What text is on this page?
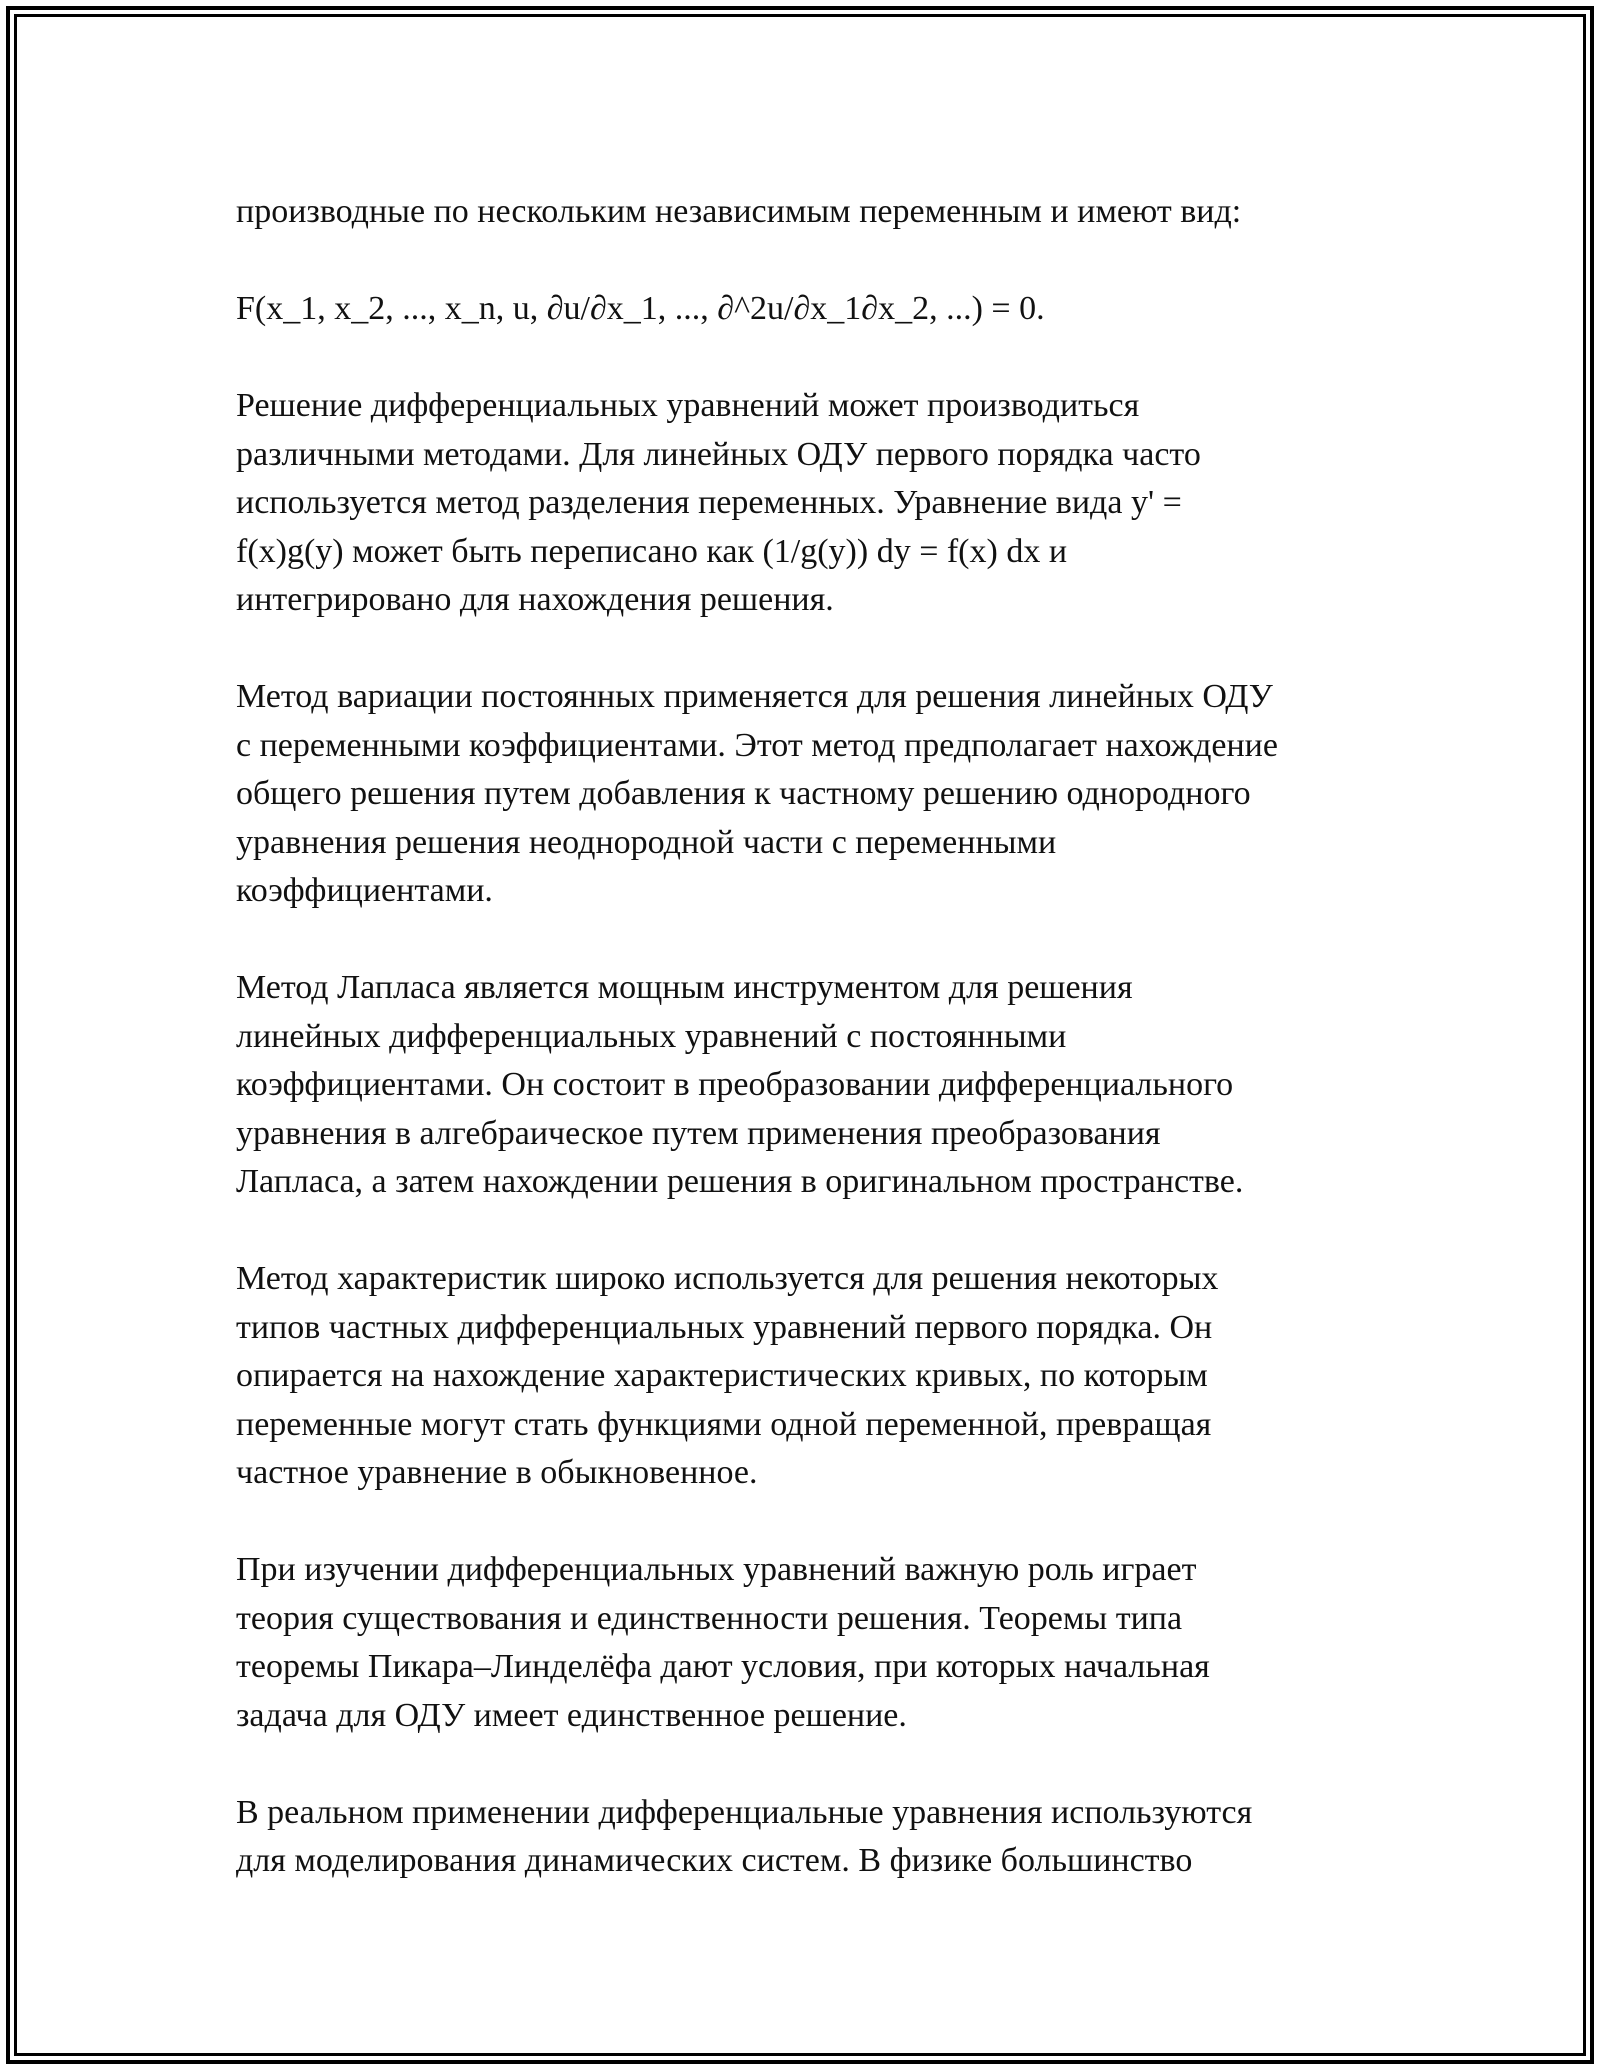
производные по нескольким независимым переменным и имеют вид:

F(x_1, x_2, ..., x_n, u, ∂u/∂x_1, ..., ∂^2u/∂x_1∂x_2, ...) = 0.

Решение дифференциальных уравнений может производиться
различными методами. Для линейных ОДУ первого порядка часто
используется метод разделения переменных. Уравнение вида y' =
f(x)g(y) может быть переписано как (1/g(y)) dy = f(x) dx и
интегрировано для нахождения решения.

Метод вариации постоянных применяется для решения линейных ОДУ
с переменными коэффициентами. Этот метод предполагает нахождение
общего решения путем добавления к частному решению однородного
уравнения решения неоднородной части с переменными
коэффициентами.

Метод Лапласа является мощным инструментом для решения
линейных дифференциальных уравнений с постоянными
коэффициентами. Он состоит в преобразовании дифференциального
уравнения в алгебраическое путем применения преобразования
Лапласа, а затем нахождении решения в оригинальном пространстве.

Метод характеристик широко используется для решения некоторых
типов частных дифференциальных уравнений первого порядка. Он
опирается на нахождение характеристических кривых, по которым
переменные могут стать функциями одной переменной, превращая
частное уравнение в обыкновенное.

При изучении дифференциальных уравнений важную роль играет
теория существования и единственности решения. Теоремы типа
теоремы Пикара–Линделёфа дают условия, при которых начальная
задача для ОДУ имеет единственное решение.

В реальном применении дифференциальные уравнения используются
для моделирования динамических систем. В физике большинство
